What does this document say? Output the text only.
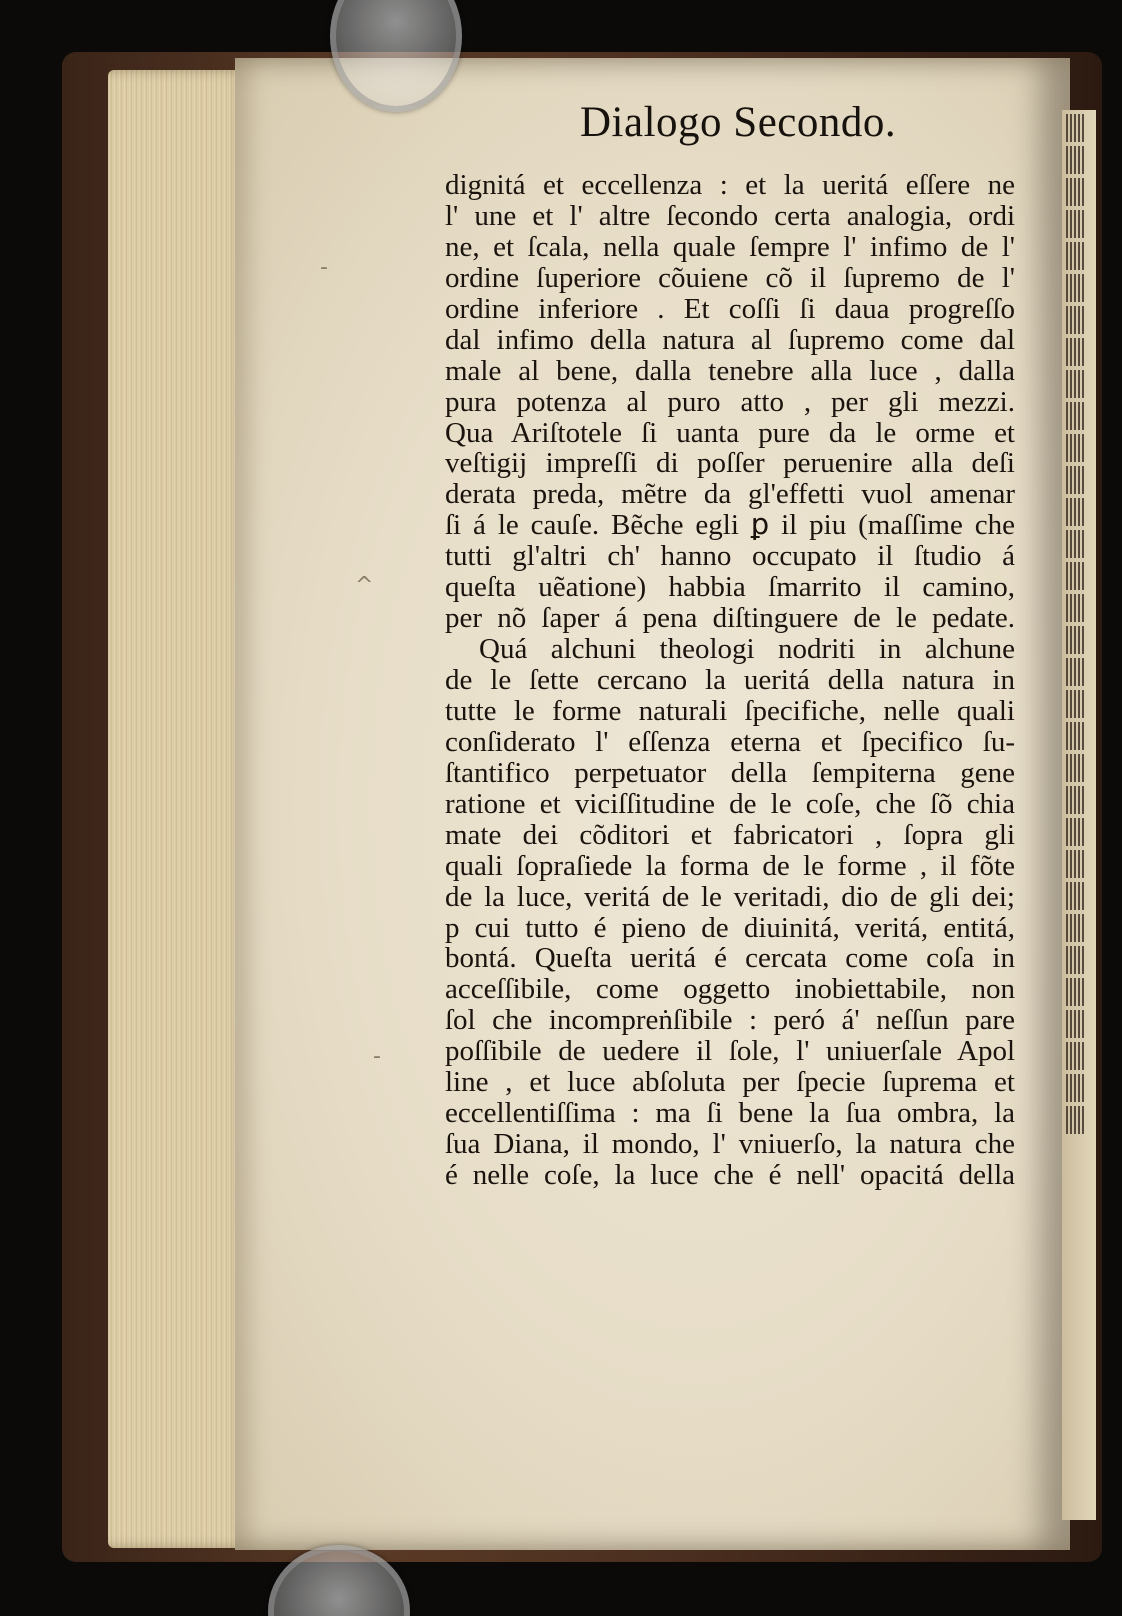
-
^
-
Dialogo Secondo.
dignitá et eccellenza : et la ueritá eſſere ne
l' une et l' altre ſecondo certa analogia, ordi
ne, et ſcala, nella quale ſempre l' infimo de l'
ordine ſuperiore cõuiene cõ il ſupremo de l'
ordine inferiore . Et coſſi ſi daua progreſſo
dal infimo della natura al ſupremo come dal
male al bene, dalla tenebre alla luce , dalla
pura potenza al puro atto , per gli mezzi.
Qua Ariſtotele ſi uanta pure da le orme et
veſtigij impreſſi di poſſer peruenire alla deſi
derata preda, mẽtre da gl'effetti vuol amenar
ſi á le cauſe. Bẽche egli ꝑ il piu (maſſime che
tutti gl'altri ch' hanno occupato il ſtudio á
queſta uẽatione) habbia ſmarrito il camino,
per nõ ſaper á pena diſtinguere de le pedate.
Quá alchuni theologi nodriti in alchune
de le ſette cercano la ueritá della natura in
tutte le forme naturali ſpecifiche, nelle quali
conſiderato l' eſſenza eterna et ſpecifico ſu-
ſtantifico perpetuator della ſempiterna gene
ratione et viciſſitudine de le coſe, che ſõ chia
mate dei cõditori et fabricatori , ſopra gli
quali ſopraſiede la forma de le forme , il fõte
de la luce, veritá de le veritadi, dio de gli dei;
p cui tutto é pieno de diuinitá, veritá, entitá,
bontá. Queſta ueritá é cercata come coſa in
acceſſibile, come oggetto inobiettabile, non
ſol che incompreṅſibile : peró á' neſſun pare
poſſibile de uedere il ſole, l' uniuerſale Apol
line , et luce abſoluta per ſpecie ſuprema et
eccellentiſſima : ma ſi bene la ſua ombra, la
ſua Diana, il mondo, l' vniuerſo, la natura che
é nelle coſe, la luce che é nell' opacitá della
